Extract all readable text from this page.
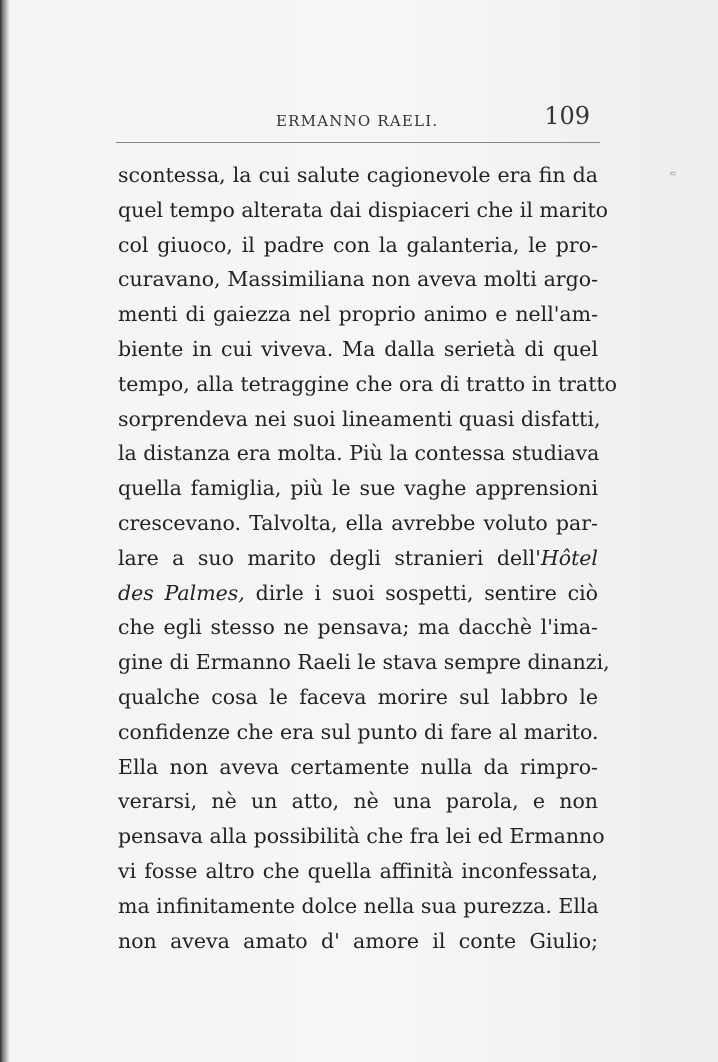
ERMANNO RAELI.	109
⸦
scontessa, la cui salute cagionevole era fin da
quel tempo alterata dai dispiaceri che il marito
col giuoco, il padre con la galanteria, le pro-
curavano, Massimiliana non aveva molti argo-
menti di gaiezza nel proprio animo e nell'am-
biente in cui viveva. Ma dalla serietà di quel
tempo, alla tetraggine che ora di tratto in tratto
sorprendeva nei suoi lineamenti quasi disfatti,
la distanza era molta. Più la contessa studiava
quella famiglia, più le sue vaghe apprensioni
crescevano. Talvolta, ella avrebbe voluto par-
lare a suo marito degli stranieri dell'Hôtel
des Palmes, dirle i suoi sospetti, sentire ciò
che egli stesso ne pensava; ma dacchè l'ima-
gine di Ermanno Raeli le stava sempre dinanzi,
qualche cosa le faceva morire sul labbro le
confidenze che era sul punto di fare al marito.
Ella non aveva certamente nulla da rimpro-
verarsi, nè un atto, nè una parola, e non
pensava alla possibilità che fra lei ed Ermanno
vi fosse altro che quella affinità inconfessata,
ma infinitamente dolce nella sua purezza. Ella
non aveva amato d' amore il conte Giulio;
